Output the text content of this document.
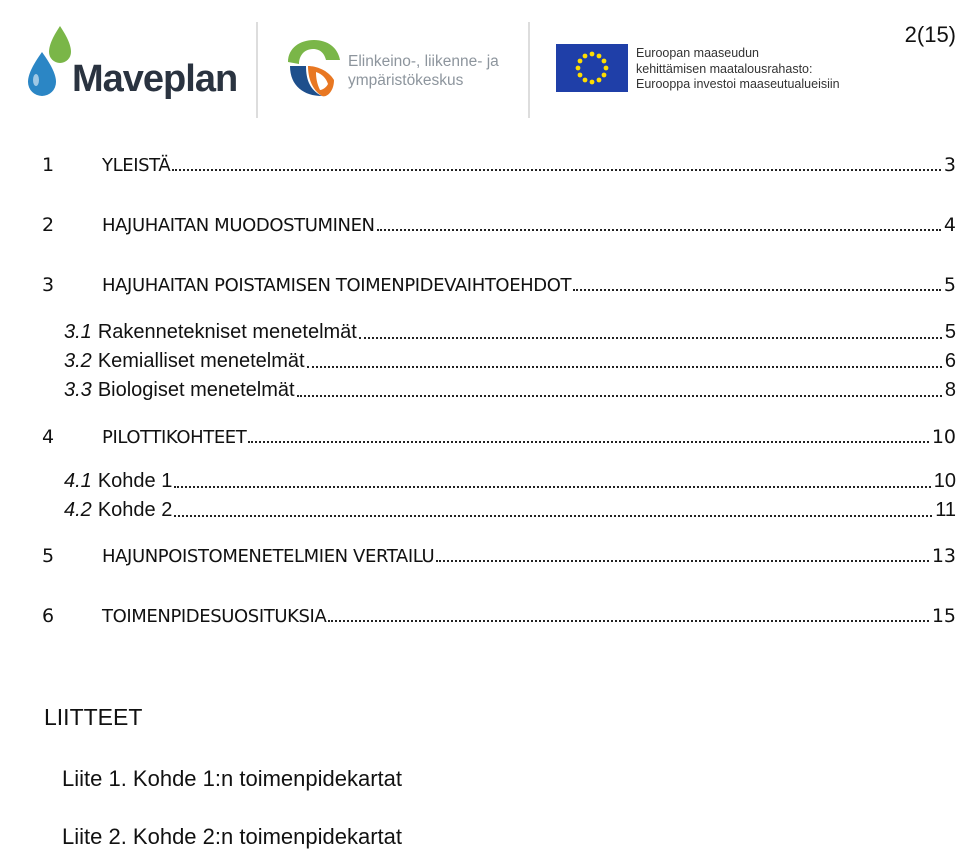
2(15)
Maveplan	Elinkeino-, liikenne- ja
ympäristökeskus
Euroopan maaseudun
kehittämisen maatalousrahasto:
Eurooppa investoi maaseutualueisiin
1	YLEISTÄ	3
2	HAJUHAITAN MUODOSTUMINEN	4
3	HAJUHAITAN POISTAMISEN TOIMENPIDEVAIHTOEHDOT	5
3.1 Rakennetekniset menetelmät	5
3.2 Kemialliset menetelmät	6
3.3 Biologiset menetelmät	8
4	PILOTTIKOHTEET	10
4.1 Kohde 1	10
4.2 Kohde 2	11
5	HAJUNPOISTOMENETELMIEN VERTAILU	13
6	TOIMENPIDESUOSITUKSIA	15
LIITTEET
Liite 1. Kohde 1:n toimenpidekartat
Liite 2. Kohde 2:n toimenpidekartat
